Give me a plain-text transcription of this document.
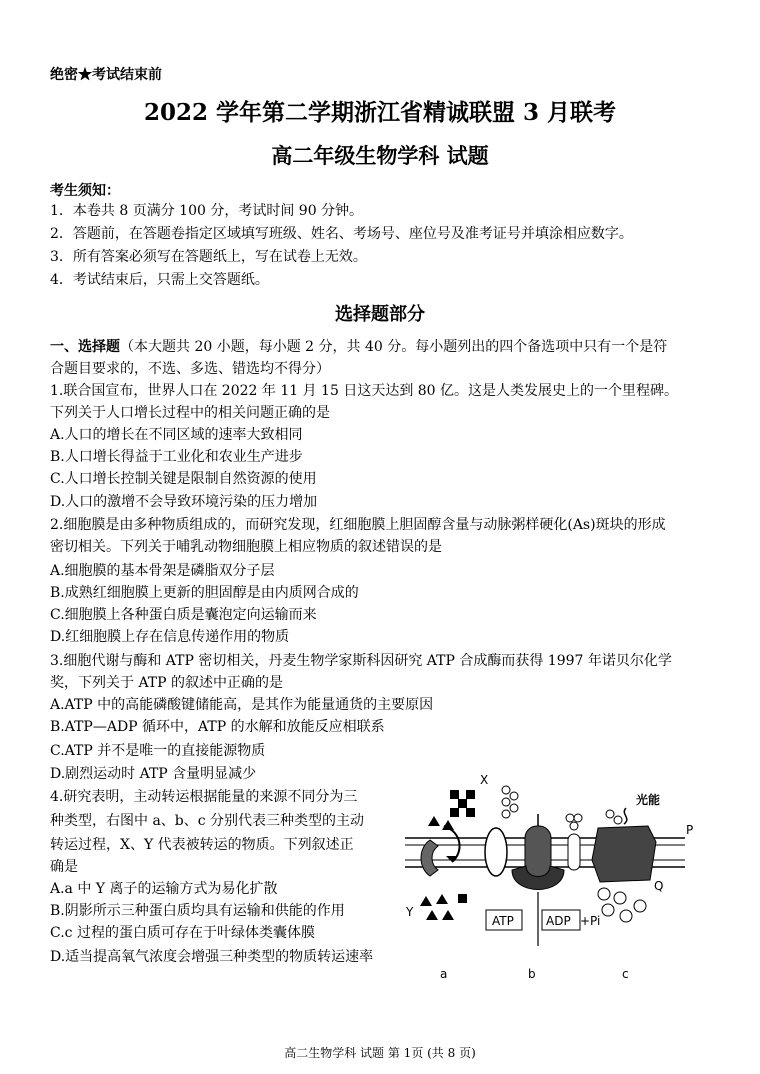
绝密★考试结束前
2022 学年第二学期浙江省精诚联盟 3 月联考
高二年级生物学科 试题
考生须知：
1．本卷共 8 页满分 100 分，考试时间 90 分钟。
2．答题前，在答题卷指定区域填写班级、姓名、考场号、座位号及准考证号并填涂相应数字。
3．所有答案必须写在答题纸上，写在试卷上无效。
4．考试结束后，只需上交答题纸。
选择题部分
一、选择题（本大题共 20 小题，每小题 2 分，共 40 分。每小题列出的四个备选项中只有一个是符
合题目要求的，不选、多选、错选均不得分）
1.联合国宣布，世界人口在 2022 年 11 月 15 日这天达到 80 亿。这是人类发展史上的一个里程碑。
下列关于人口增长过程中的相关问题正确的是
A.人口的增长在不同区域的速率大致相同
B.人口增长得益于工业化和农业生产进步
C.人口增长控制关键是限制自然资源的使用
D.人口的激增不会导致环境污染的压力增加
2.细胞膜是由多种物质组成的，而研究发现，红细胞膜上胆固醇含量与动脉粥样硬化(As)斑块的形成
密切相关。下列关于哺乳动物细胞膜上相应物质的叙述错误的是
A.细胞膜的基本骨架是磷脂双分子层
B.成熟红细胞膜上更新的胆固醇是由内质网合成的
C.细胞膜上各种蛋白质是囊泡定向运输而来
D.红细胞膜上存在信息传递作用的物质
3.细胞代谢与酶和 ATP 密切相关，丹麦生物学家斯科因研究 ATP 合成酶而获得 1997 年诺贝尔化学
奖，下列关于 ATP 的叙述中正确的是
A.ATP 中的高能磷酸键储能高，是其作为能量通货的主要原因
B.ATP—ADP 循环中，ATP 的水解和放能反应相联系
C.ATP 并不是唯一的直接能源物质
D.剧烈运动时 ATP 含量明显减少
4.研究表明，主动转运根据能量的来源不同分为三
种类型，右图中 a、b、c 分别代表三种类型的主动
转运过程，X、Y 代表被转运的物质。下列叙述正
确是
A.a 中 Y 离子的运输方式为易化扩散
B.阴影所示三种蛋白质均具有运输和供能的作用
C.c 过程的蛋白质可存在于叶绿体类囊体膜
D.适当提高氧气浓度会增强三种类型的物质转运速率
X
Y
光能
P
Q
ATP	ADP +Pi
a	b	c
高二生物学科 试题 第 1页 (共 8 页)
